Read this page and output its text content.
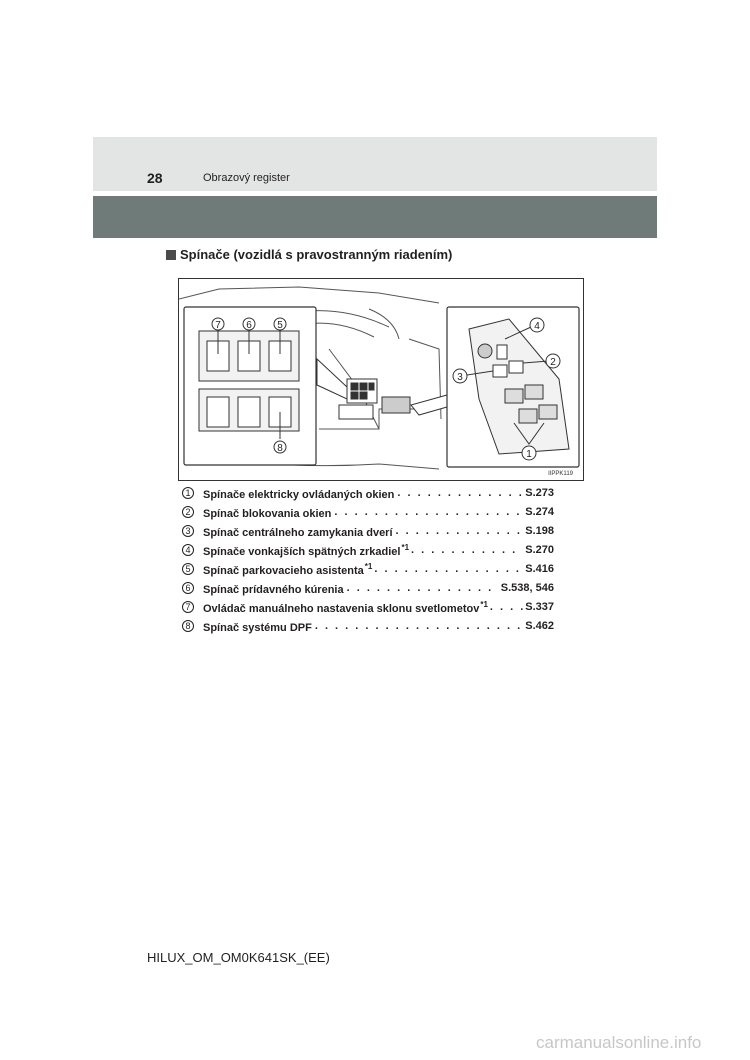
28	Obrazový register
Spínače (vozidlá s pravostranným riadením)
7	6	5
8
4
2
3
1
IIPPK119
1	Spínače elektricky ovládaných okien . . .	S.273
2	Spínač blokovania okien . . .	S.274
3	Spínač centrálneho zamykania dverí . . .	S.198
4	Spínače vonkajších spätných zrkadiel$^{*1}$ . . .	S.270
5	Spínač parkovacieho asistenta$^{*1}$ . . .	S.416
6	Spínač prídavného kúrenia . . .	S.538, 546
7	Ovládač manuálneho nastavenia sklonu svetlometov$^{*1}$ . . .	S.337
8	Spínač systému DPF . . .	S.462
HILUX_OM_OM0K641SK_(EE)
carmanualsonline.info
